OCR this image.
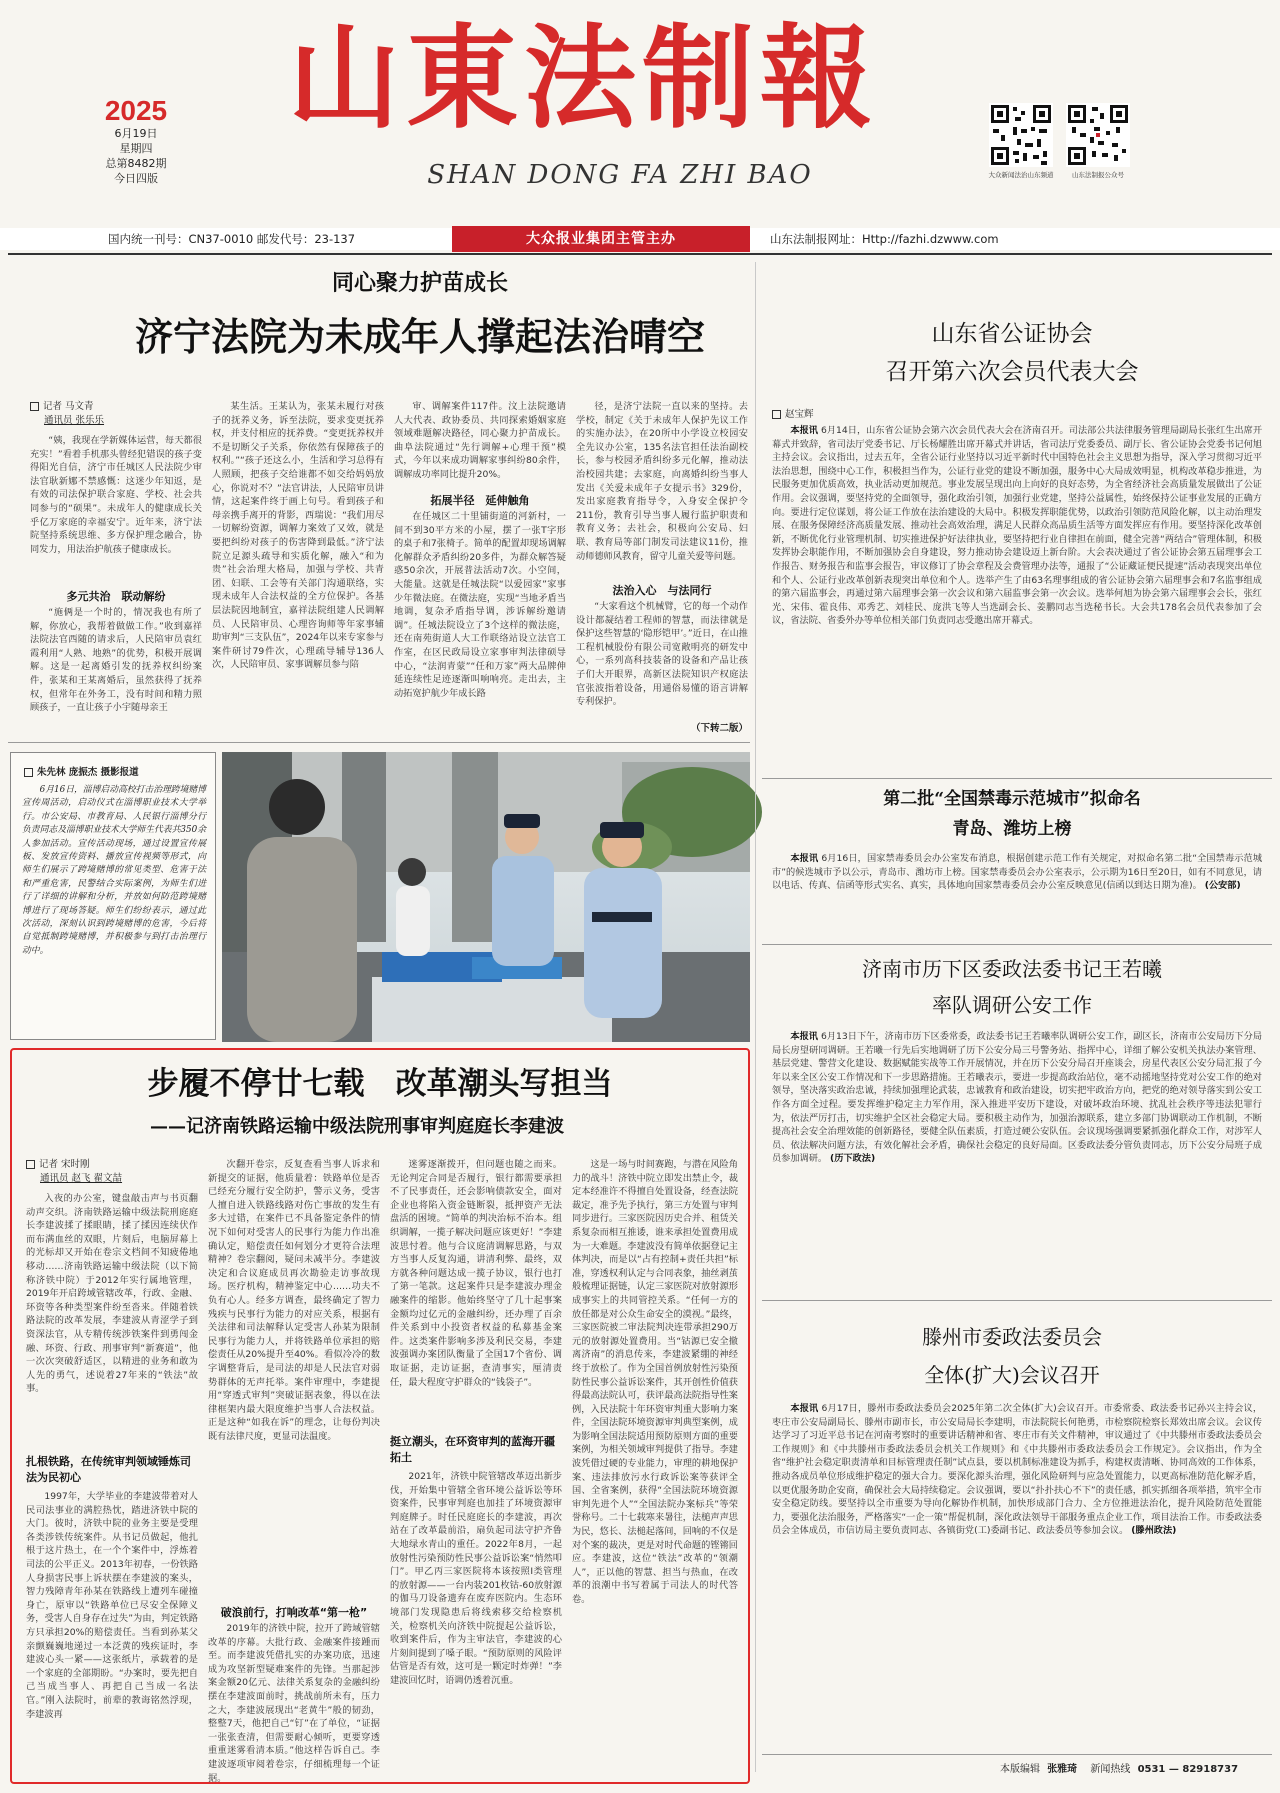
2025
6月19日
星期四
总第8482期
今日四版
山東法制報
SHAN DONG FA ZHI BAO	大众新闻法治山东频道	山东法制报公众号
国内统一刊号：CN37-0010 邮发代号：23-137	大众报业集团主管主办	山东法制报网址：Http://fazhi.dzwww.com
同心聚力护苗成长
济宁法院为未成年人撑起法治晴空
记者 马文青
通讯员 张乐乐

“姨，我现在学新媒体运营，每天都很充实！”看着手机那头曾经犯错误的孩子变得阳光自信，济宁市任城区人民法院少审法官耿新娜不禁感慨：这迷少年知返，是有效的司法保护联合家庭、学校、社会共同参与的“硕果”。未成年人的健康成长关乎亿万家庭的幸福安宁。近年来，济宁法院坚持系统思维、多方保护理念融合，协同发力，用法治护航孩子健康成长。

多元共治　联动解纷

“施俩是一个时的，情况我也有所了解，你放心，我帮着做做工作。”收到嘉祥法院法官西随的请求后，人民陪审员袁红霞利用“人熟、地熟”的优势，积极开展调解。这是一起离婚引发的抚养权纠纷案件，张某和王某离婚后，虽然获得了抚养权，但常年在外务工，没有时间和精力照顾孩子，一直让孩子小宇随母亲王

某生活。王某认为，张某未履行对孩子的抚养义务，诉至法院，要求变更抚养权，并支付相应的抚养费。“变更抚养权并不是切断父子关系，你依然有保障孩子的权利。”“孩子还这么小，生活和学习总得有人照顾，把孩子交给谁都不如交给妈妈放心，你说对不？”法官讲法，人民陪审员讲情，这起案件终于画上句号。看到孩子和母亲携手离开的背影，西瑞说：“我们用尽一切解纷资源，调解力案效了又效，就是要把纠纷对孩子的伤害降到最低。”济宁法院立足源头疏导和实质化解，融入“和为贵”社会治理大格局，加强与学校、共青团、妇联、工会等有关部门沟通联络，实现未成年人合法权益的全方位保护。各基层法院因地制宜，嘉祥法院组建人民调解员、人民陪审员、心理咨询师等年家事辅助审判“三支队伍”，2024年以来专家参与案件研讨79件次，心理疏导辅导136人次，人民陪审员、家事调解员参与陪

审、调解案件117件。汶上法院邀请人大代表、政协委员、共同探索婚姻家庭领域难题解决路径，同心聚力护苗成长。曲阜法院通过“先行调解+心理干预”模式，今年以来成功调解家事纠纷80余件，调解成功率同比提升20%。

拓展半径　延伸触角

在任城区二十里铺街道的河新村，一间不到30平方米的小屋，摆了一张T字形的桌子和7张椅子。简单的配置却现场调解化解群众矛盾纠纷20多件，为群众解答疑惑50余次，开展普法活动7次。小空间，大能量。这就是任城法院“以爱园家”家事少年微法庭。在微法庭，实现“当地矛盾当地调，复杂矛盾指导调，涉诉解纷邀请调”。任城法院设立了3个这样的微法庭，还在南苑街道人大工作联络站设立法官工作室，在区民政局设立家事审判法律硕导中心，“法润青蒙”“任和万家”两大品牌伸延连续性足迹逐渐叫响响亮。走出去，主动拓宽护航少年成长路

径，是济宁法院一直以来的坚持。去学校，制定《关于未成年人保护先议工作的实施办法》，在20所中小学设立校园安全先议办公室，135名法官担任法治副校长，参与校园矛盾纠纷多元化解，推动法治校园共建；去家庭，向离婚纠纷当事人发出《关爱未成年子女提示书》329份，发出家庭教育指导令，入身安全保护令211份，教育引导当事人履行监护职责和教育义务；去社会，积极向公安局、妇联、教育局等部门制发司法建议11份，推动师德师风教育，留守儿童关爱等问题。

法治入心　与法同行

“大家看这个机械臂，它的每一个动作设计都凝结着工程师的智慧，而法律就是保护这些智慧的‘隐形铠甲’。”近日，在山推工程机械股份有限公司宽敞明亮的研发中心，一系列高科技装备的设备和产品让孩子们大开眼界，高新区法院知识产权庭法官张波指着设备，用通俗易懂的语言讲解专利保护。

（下转二版）
朱先林 庞振杰 摄影报道

6月16日，淄博启动高校打击治理跨境赌博宣传周活动，启动仪式在淄博职业技术大学举行。市公安局、市教育局、人民银行淄博分行负责同志及淄博职业技术大学师生代表共350余人参加活动。宣传活动现场，通过设置宣传展板、发放宣传资料、播放宣传视频等形式，向师生们展示了跨境赌博的常见类型、危害于法和严重危害，民警结合实际案例，为师生们进行了详细的讲解和分析，并放如何防范跨境赌博进行了现场答疑。师生们纷纷表示，通过此次活动，深刻认识到跨境赌博的危害，今后将自觉抵制跨境赌博，并积极参与到打击治理行动中。

步履不停廿七载　改革潮头写担当
——记济南铁路运输中级法院刑事审判庭庭长李建波
记者 宋时刚
通讯员 赵飞 翟文喆

入夜的办公室，键盘敲击声与书页翻动声交织。济南铁路运输中级法院刑庭庭长李建波揉了揉眼睛，揉了揉因连续伏作而布满血丝的双眼，片刻后，电脑屏幕上的光标却又开始在卷宗文档间不知疲倦地移动……济南铁路运输中级法院（以下简称济铁中院）于2012年实行属地管理，2019年开启跨域管辖改革，行政、金融、环资等各种类型案件纷至沓来。伴随着铁路法院的改革发展，李建波从青涩学子到资深法官，从专精传统涉铁案件到勇闯金融、环资、行政、刑事审判“新赛道”，他一次次突破舒适区，以精进的业务和敢为人先的勇气，述说着27年来的“铁法”故事。

扎根铁路，在传统审判领域锤炼司法为民初心

1997年，大学毕业的李建波带着对人民司法事业的满腔热忱，踏进济铁中院的大门。彼时，济铁中院的业务主要是受理各类涉铁传统案件。从书记员做起，他扎根于这片热土，在一个个案件中，浮炼着司法的公平正义。2013年初春，一份铁路人身损害民事上诉状摆在李建波的案头，智力残障青年孙某在铁路线上遭列车碰撞身亡，原审以“铁路单位已尽安全保障义务，受害人自身存在过失”为由，判定铁路方只承担20%的赔偿责任。当看到孙某父亲颤巍巍地递过一本泛黄的残疾证时，李建波心头一紧——这张纸片，承载着的是一个家庭的全部期盼。“办案时，要先把自己当成当事人、再把自己当成一名法官。”刚入法院时，前辈的教诲铭然浮现，李建波再

次翻开卷宗，反复查看当事人诉求和新提交的证据，他质量着：铁路单位是否已经充分履行安全防护，警示义务，受害人擅自进入铁路线路对伤亡事故的发生有多大过错，在案件已不具备鉴定条件的情况下如何对受害人的民事行为能力作出准确认定，赔偿责任如何划分才更符合法理精神？卷宗翻阅，疑问未减半分。李建波决定和合议庭成员再次勘验走访事故现场。医疗机构，精神鉴定中心……功夫不负有心人。经多方调查，最终确定了智力残疾与民事行为能力的对应关系，根据有关法律和司法解释认定受害人孙某为限制民事行为能力人，并将铁路单位承担的赔偿责任从20%提升至40%。看似冷冷的数字调整背后，是司法的却是人民法官对弱势群体的无声托举。案件审理中，李建提用“穿透式审判”突破证据表象，得以在法律框架内最大限度维护当事人合法权益。正是这种“如我在诉”的理念，让每份判决既有法律尺度，更显司法温度。

破浪前行，打响改革“第一枪”

2019年的济铁中院，拉开了跨域管辖改革的序幕。大批行政、金融案件接踵而至。而李建波凭借扎实的办案功底，迅速成为攻坚新型疑难案件的先锋。当那起涉案金额20亿元、法律关系复杂的金融纠纷摆在李建波面前时，挑战前所未有，压力之大，李建波展现出“老黄牛”般的韧劲，整整7天，他把自己“钉”在了单位，“证据一张张查清，但需要耐心倾听，更要穿透重重迷雾看清本质。”他这样告诉自己。李建波逐项审阅着卷宗，仔细梳理每一个证据。

迷雾逐渐拨开，但问题也随之而来。无论判定合同是否履行，银行都需要承担不了民事责任，还会影响债款安全，面对企业也将陷入资金链断裂，抵押资产无法盘活的困境。“简单的判决治标不治本。组织调解，一揽子解决问题应该更好！”李建波思忖着。他与合议庭清调解思路，与双方当事人反复沟通，讲清利弊、最终，双方就各种问题达成一揽子协议，银行也打了第一笔款。这起案件只是李建波办理金融案件的缩影。他始终坚守了几十起事案金额均过亿元的金融纠纷，还办理了百余件关系到中小投资者权益的私募基金案件。这类案件影响多涉及利民交易，李建波强调办案团队衡量了全国17个省份、调取证据，走访证据，查清事实，厘清责任，最大程度守护群众的“钱袋子”。

挺立潮头，在环资审判的蓝海开疆拓土

2021年，济铁中院管辖改革迈出新步伐，开始集中管辖全省环境公益诉讼等环资案件，民事审判庭也加挂了环境资源审判庭牌子。时任民庭庭长的李建波，再次站在了改革最前沿，扇负起司法守护齐鲁大地绿水青山的重任。2022年8月，一起放射性污染预防性民事公益诉讼案“悄然叩门”。甲乙丙三家医院将本该按照Ⅰ类管理的放射源——一台内装201枚钴-60放射源的伽马刀设备遗弃在废弃医院内。生态环境部门发现隐患后将线索移交给检察机关，检察机关向济铁中院提起公益诉讼，收到案件后，作为主审法官，李建波的心片刻间提到了嗓子眼。“预防原则的风险评估管是否有效，这可是一颗定时炸弹！”李建波回忆时，语调仍透着沉重。

这是一场与时间赛跑，与潜在风险角力的战斗！济铁中院立即发出禁止令，裁定本经准许不得擅自处置设备，经查法院裁定，准予先予执行，第三方处置与审判同步进行。三家医院因历史合并、租赁关系复杂而相互推诿，谁来承担处置费用成为一大难题。李建波没有简单依据登记主体判决，而是以“占有控制+责任共担”标准，穿透权利认定与合同表象，抽丝剥茧般梳理证据链，认定三家医院对放射源形成事实上的共同管控关系。“任何一方的放任都是对公众生命安全的漠视。”最终，三家医院被二审法院判决连带承担290万元的放射源处置费用。当“钴源已安全撤离济南”的消息传来，李建波紧绷的神经终于放松了。作为全国首例放射性污染预防性民事公益诉讼案件，其开创性价值获得最高法院认可，获评最高法院指导性案例，入民法院十年环资审判重大影响力案件，全国法院环境资源审判典型案例，成为影响全国法院适用预防原则方面的重要案例，为相关领域审判提供了指导。李建波凭借过硬的专业能力，审理的耕地保护案、违法排放污水行政诉讼案等获评全国、全省案例，获得“全国法院环境资源审判先进个人”“全国法院办案标兵”等荣誉称号。二十七载寒来暑往，法槌声声思为民，悠长、法槌起落间，回响的不仅是对个案的裁决，更是对时代命题的铿锵回应。李建波，这位“铁法”改革的“领潮人”，正以他的智慧、担当与热血，在改革的浪潮中书写着属于司法人的时代答卷。

山东省公证协会
召开第六次会员代表大会
赵宝辉

本报讯 6月14日，山东省公证协会第六次会员代表大会在济南召开。司法部公共法律服务管理局副局长张红生出席开幕式并致辞，省司法厅党委书记、厅长杨耀胜出席开幕式并讲话，省司法厅党委委员、副厅长、省公证协会党委书记何旭主持会议。会议指出，过去五年，全省公证行业坚持以习近平新时代中国特色社会主义思想为指导，深入学习贯彻习近平法治思想，围绕中心工作，积极担当作为，公证行业党的建设不断加强，服务中心大局成效明显，机构改革稳步推进，为民服务更加优质高效，执业活动更加规范。事业发展呈现出向上向好的良好态势，为全省经济社会高质量发展做出了公证作用。会议强调，要坚持党的全面领导，强化政治引领，加强行业党建，坚持公益属性，始终保持公证事业发展的正确方向。要进行定位谋划，将公证工作放在法治建设的大局中。积极发挥职能优势，以政治引领防范风险化解，以主动治理发展、在服务保障经济高质量发展、推动社会高效治理，满足人民群众高品质生活等方面发挥应有作用。要坚持深化改革创新，不断优化行业管理机制、切实推进保护好法律执业，要坚持把行业自律担在前面，健全完善“两结合”管理体制，积极发挥协会职能作用，不断加强协会自身建设，努力推动协会建设迈上新台阶。大会表决通过了省公证协会第五届理事会工作报告、财务报告和监事会报告，审议修订了协会章程及会费管理办法等，通报了“公证藏证便民提速”活动表现突出单位和个人、公证行业改革创新表现突出单位和个人。选举产生了由63名理事组成的省公证协会第六届理事会和7名监事组成的第六届监事会，再通过第六届理事会第一次会议和第六届监事会第一次会议。选举何旭为协会第六届理事会会长，张红光、宋伟、霍良伟、邓秀艺、刘桂民、庞洪飞等人当选副会长、姜鹏同志当选秘书长。大会共178名会员代表参加了会议，省法院、省委外办等单位相关部门负责同志受邀出席开幕式。

第二批“全国禁毒示范城市”拟命名
青岛、潍坊上榜

本报讯 6月16日，国家禁毒委员会办公室发布消息，根据创建示范工作有关规定，对拟命名第二批“全国禁毒示范城市”的候选城市予以公示，青岛市、潍坊市上榜。国家禁毒委员会办公室表示，公示期为16日至20日，如有不同意见，请以电话、传真、信函等形式实名、真实，具体地向国家禁毒委员会办公室反映意见(信函以到达日期为准)。 (公安部)

济南市历下区委政法委书记王若曦
率队调研公安工作

本报讯 6月13日下午，济南市历下区委常委，政法委书记王若曦率队调研公安工作，副区长，济南市公安局历下分局局长房望研同调研。王若曦一行先后实地调研了历下公安分局三号警务站、指挥中心，详细了解公安机关执法办案管理、基层党建、警营文化建设、数据赋能实战等工作开展情况，并在历下公安分局召开座谈会，房星代表区公安分局汇报了今年以来全区公安工作情况和下一步思路措施。王若曦表示，要进一步提高政治站位，毫不动摇地坚持党对公安工作的绝对领导，坚决落实政治忠诚，持续加强理论武装，忠诚教育和政治建设，切实把牢政治方向，把党的绝对领导落实到公安工作各方面全过程。要发挥维护稳定主力军作用，深入推进平安历下建设，对破坏政治环境、扰乱社会秩序等违法犯罪行为，依法严厉打击，切实维护全区社会稳定大局。要积极主动作为，加强治源联系，建立多部门协调联动工作机制，不断提高社会安全治理效能的创新路径，要健全队伍素质，打造过硬公安队伍。会议现场强调要紧抓强化群众工作，对涉军人员、依法解决问题方法，有效化解社会矛盾，确保社会稳定的良好局面。区委政法委分管负责同志，历下公安分局班子成员参加调研。 (历下政法)

滕州市委政法委员会
全体(扩大)会议召开

本报讯 6月17日，滕州市委政法委员会2025年第二次全体(扩大)会议召开。市委常委、政法委书记孙兴主持会议，枣庄市公安局副局长、滕州市副市长，市公安局局长李建明，市法院院长何艳勇，市检察院检察长郑效出席会议。会议传达学习了习近平总书记在河南考察时的重要讲话精神和省、枣庄市有关文件精神，审议通过了《中共滕州市委政法委员会工作规则》和《中共滕州市委政法委员会机关工作规则》和《中共滕州市委政法委员会工作规定》。会议指出，作为全省“维护社会稳定职责清单和目标管理责任制”试点县，要以机制标准建设为抓手，构建权责清晰、协同高效的工作体系，推动各成员单位形成维护稳定的强大合力。要深化源头治理，强化风险研判与应急处置能力，以更高标准防范化解矛盾，以更优服务助企安商，确保社会大局持续稳定。会议强调，要以“扑扑扶心不下”的责任感，抓实抓细各项举措，筑牢全市安全稳定防线。要坚持以全市重要为导向化解协作机制，加快形成部门合力、全方位推进法治化，提升风险防范处置能力，要强化法治服务，严格落实“一企一策”帮促机制，深化政法领导干部服务重点企业工作，项目法治工作。市委政法委员会全体成员，市信访局主要负责同志、各镇街党(工)委副书记、政法委员等参加会议。 (滕州政法)

本版编辑 张雅琦 新闻热线 0531 — 82918737
